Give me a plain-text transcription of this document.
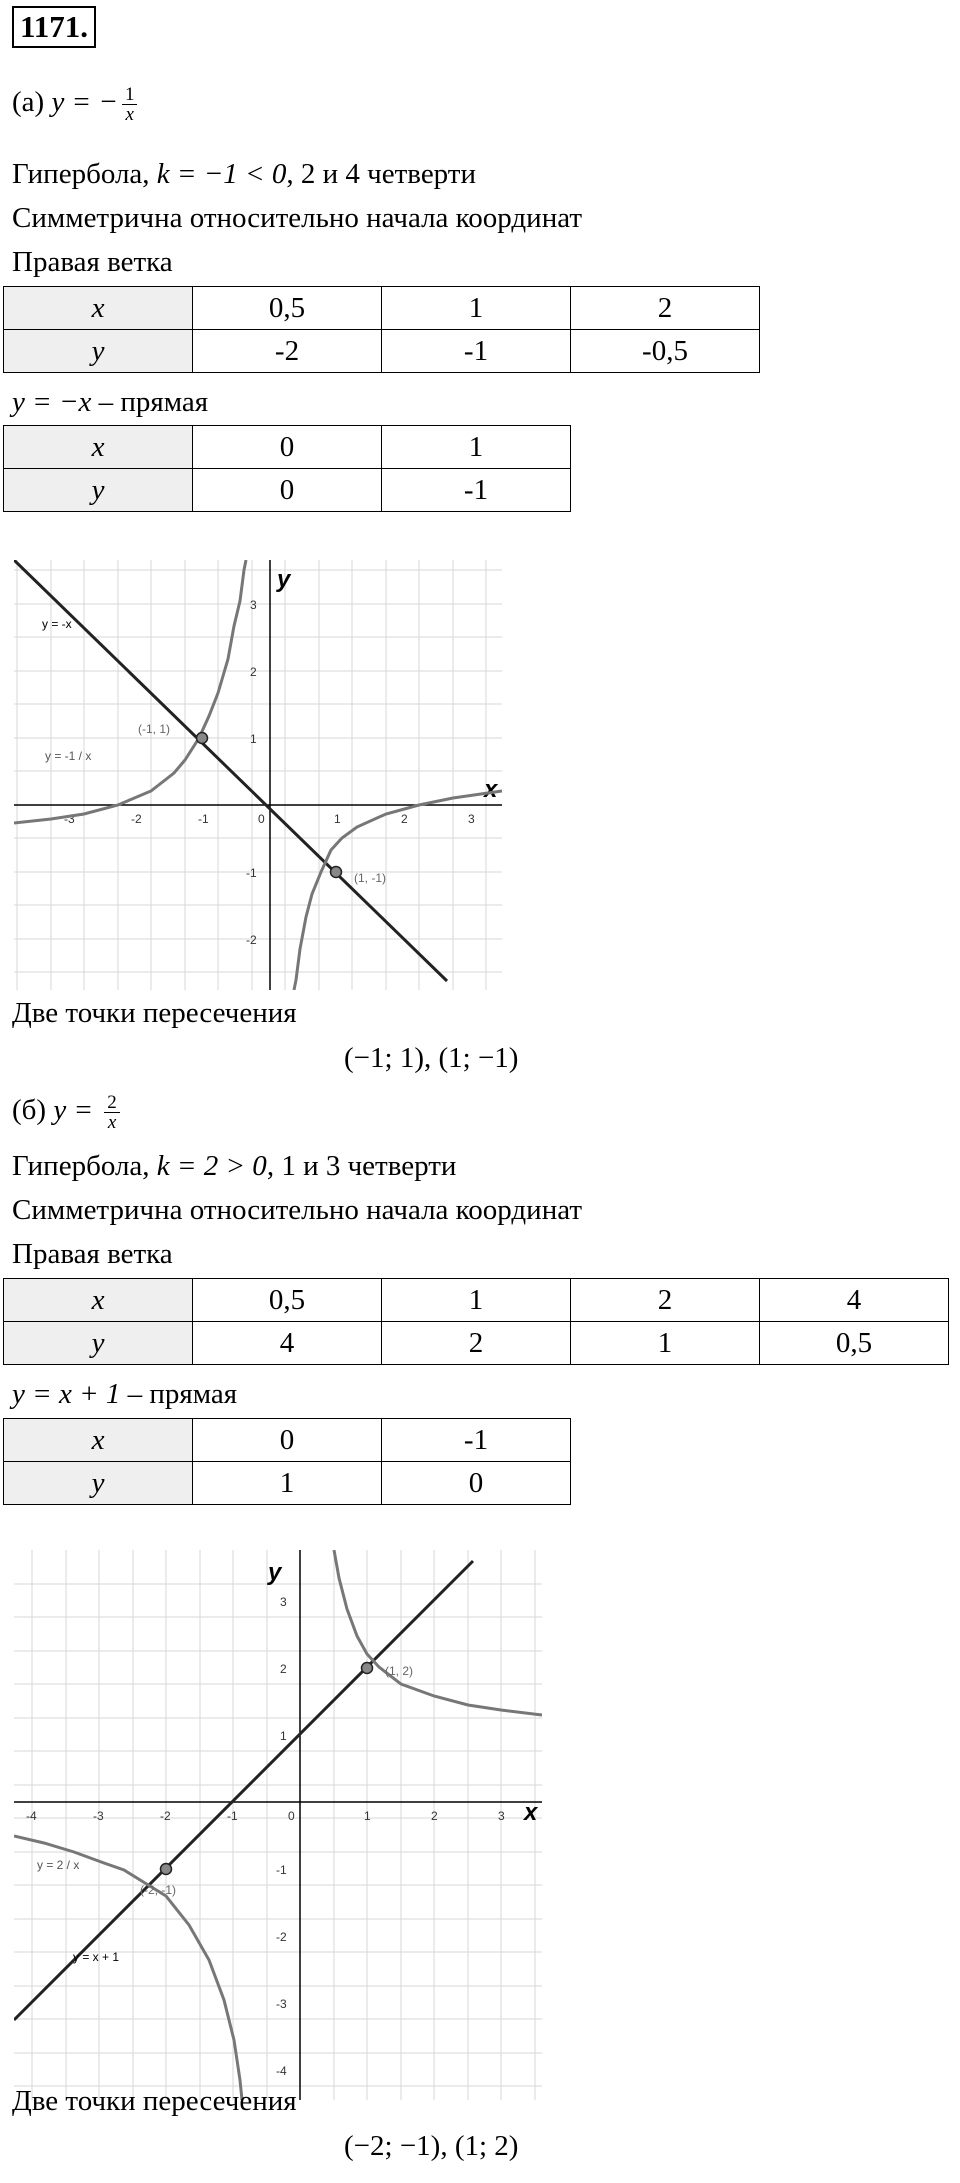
1171.
(а) y = − $\frac{1}{x}$
Гипербола, k = −1 < 0, 2 и 4 четверти
Симметрична относительно начала координат
Правая ветка
x	0,5	1	2
y	-2	-1	-0,5
y = −x – прямая
x	0	1
y	0	-1
x
y
-3	-2	-1	0	1	2	3
3
2
1
-1
-2
(-1, 1)
(1, -1)
y = -x
y = -1 / x
Две точки пересечения
(−1; 1), (1; −1)
(б) $y = \frac{2}{x}$
Гипербола, k = 2 > 0, 1 и 3 четверти
Симметрична относительно начала координат
Правая ветка
x	0,5	1	2	4
y	4	2	1	0,5
y = x + 1 – прямая
x	0	-1
y	1	0
x
y
-4	-3	-2	-1	0	1	2	3
3
2
1
-1
-2
-3
-4
(1, 2)
(-2, -1)
y = x + 1
y = 2 / x
Две точки пересечения
(−2; −1), (1; 2)
